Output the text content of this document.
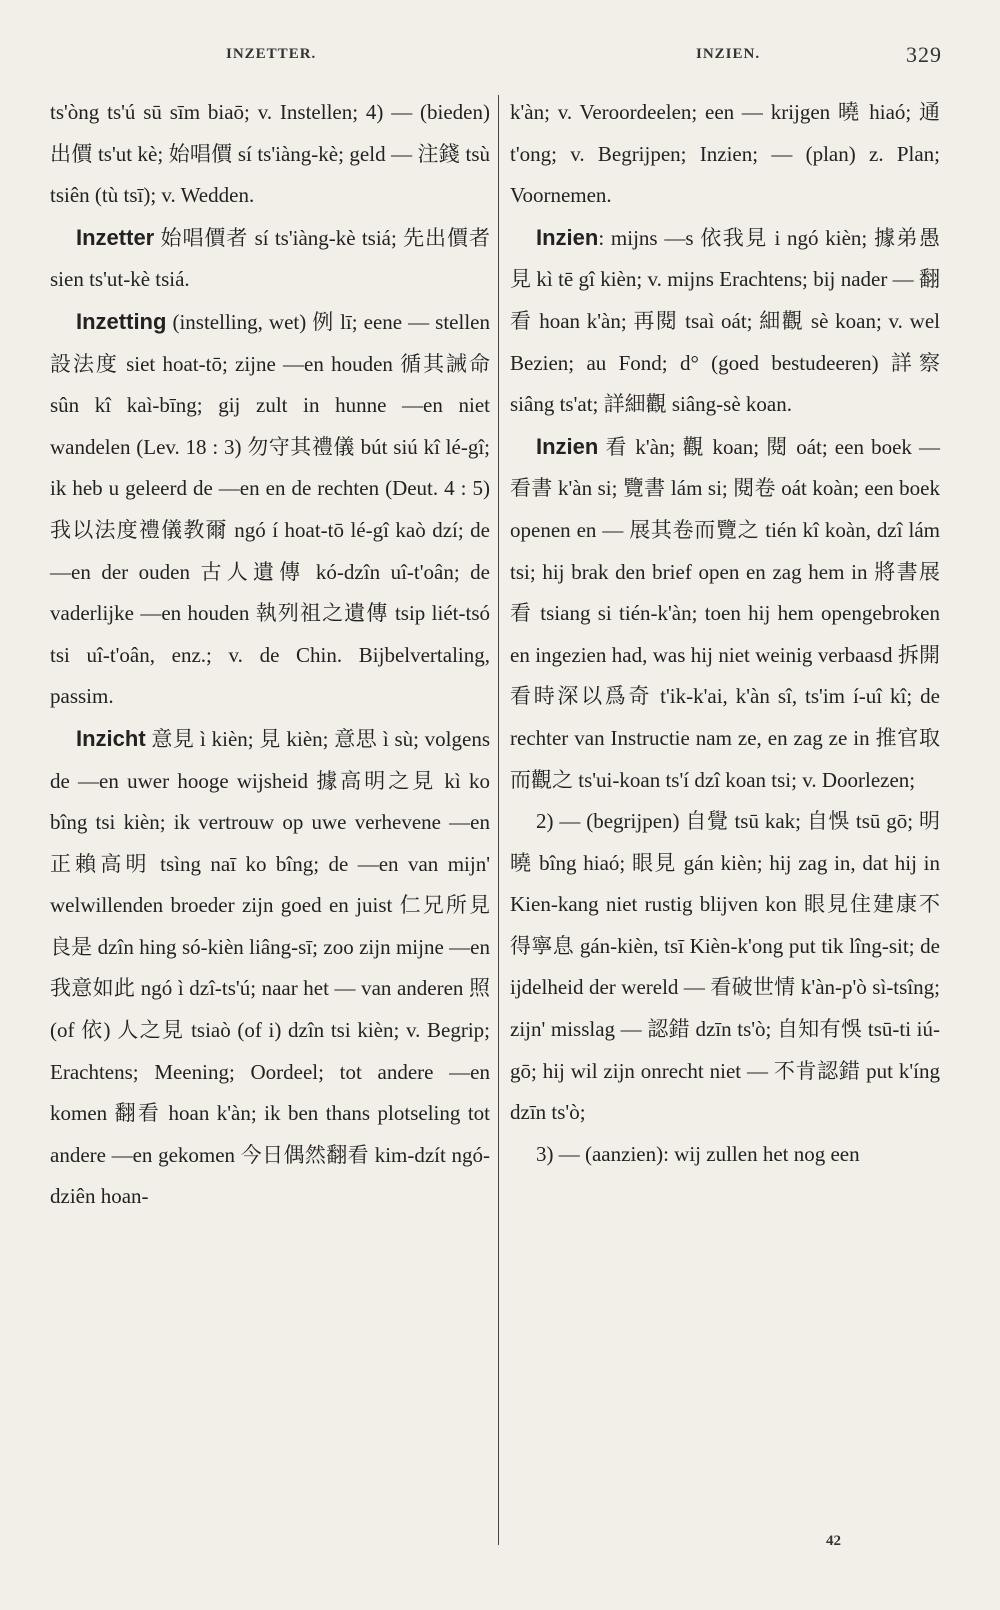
INZETTER.	INZIEN.	329

ts'òng ts'ú sū sīm biaō; v. Instellen; 4) — (bieden) 出價 ts'ut kè; 始唱價 sí ts'iàng-kè; geld — 注錢 tsù tsiên (tù tsī); v. Wedden.

Inzetter 始唱價者 sí ts'iàng-kè tsiá; 先出價者 sien ts'ut-kè tsiá.

Inzetting (instelling, wet) 例 lī; eene — stellen 設法度 siet hoat-tō; zijne —en houden 循其誡命 sûn kî kaì-bīng; gij zult in hunne —en niet wandelen (Lev. 18 : 3) 勿守其禮儀 bút siú kî lé-gî; ik heb u geleerd de —en en de rechten (Deut. 4 : 5) 我以法度禮儀教爾 ngó í hoat-tō lé-gî kaò dzí; de —en der ouden 古人遺傳 kó-dzîn uî-t'oân; de vaderlijke —en houden 執列祖之遺傳 tsip liét-tsó tsi uî-t'oân, enz.; v. de Chin. Bijbelvertaling, passim.

Inzicht 意見 ì kièn; 見 kièn; 意思 ì sù; volgens de —en uwer hooge wijsheid 據高明之見 kì ko bîng tsi kièn; ik vertrouw op uwe verhevene —en 正賴高明 tsìng naī ko bîng; de —en van mijn' welwillenden broeder zijn goed en juist 仁兄所見良是 dzîn hing só-kièn liâng-sī; zoo zijn mijne —en 我意如此 ngó ì dzî-ts'ú; naar het — van anderen 照 (of 依) 人之見 tsiaò (of i) dzîn tsi kièn; v. Begrip; Erachtens; Meening; Oordeel; tot andere —en komen 翻看 hoan k'àn; ik ben thans plotseling tot andere —en gekomen 今日偶然翻看 kim-dzít ngó-dziên hoan-

k'àn; v. Veroordeelen; een — krijgen 曉 hiaó; 通 t'ong; v. Begrijpen; Inzien; — (plan) z. Plan; Voornemen.

Inzien: mijns —s 依我見 i ngó kièn; 據弟愚見 kì tē gî kièn; v. mijns Erachtens; bij nader — 翻看 hoan k'àn; 再閱 tsaì oát; 細觀 sè koan; v. wel Bezien; au Fond; d° (goed bestudeeren) 詳察 siâng ts'at; 詳細觀 siâng-sè koan.

Inzien 看 k'àn; 觀 koan; 閱 oát; een boek — 看書 k'àn si; 覽書 lám si; 閱卷 oát koàn; een boek openen en — 展其卷而覽之 tién kî koàn, dzî lám tsi; hij brak den brief open en zag hem in 將書展看 tsiang si tién-k'àn; toen hij hem opengebroken en ingezien had, was hij niet weinig verbaasd 拆開看時深以爲奇 t'ik-k'ai, k'àn sî, ts'im í-uî kî; de rechter van Instructie nam ze, en zag ze in 推官取而觀之 ts'ui-koan ts'í dzî koan tsi; v. Doorlezen;

2) — (begrijpen) 自覺 tsū kak; 自悞 tsū gō; 明曉 bîng hiaó; 眼見 gán kièn; hij zag in, dat hij in Kien-kang niet rustig blijven kon 眼見住建康不得寧息 gán-kièn, tsī Kièn-k'ong put tik lîng-sit; de ijdelheid der wereld — 看破世情 k'àn-p'ò sì-tsîng; zijn' misslag — 認錯 dzīn ts'ò; 自知有悞 tsū-ti iú-gō; hij wil zijn onrecht niet — 不肯認錯 put k'íng dzīn ts'ò;

3) — (aanzien): wij zullen het nog een

42
